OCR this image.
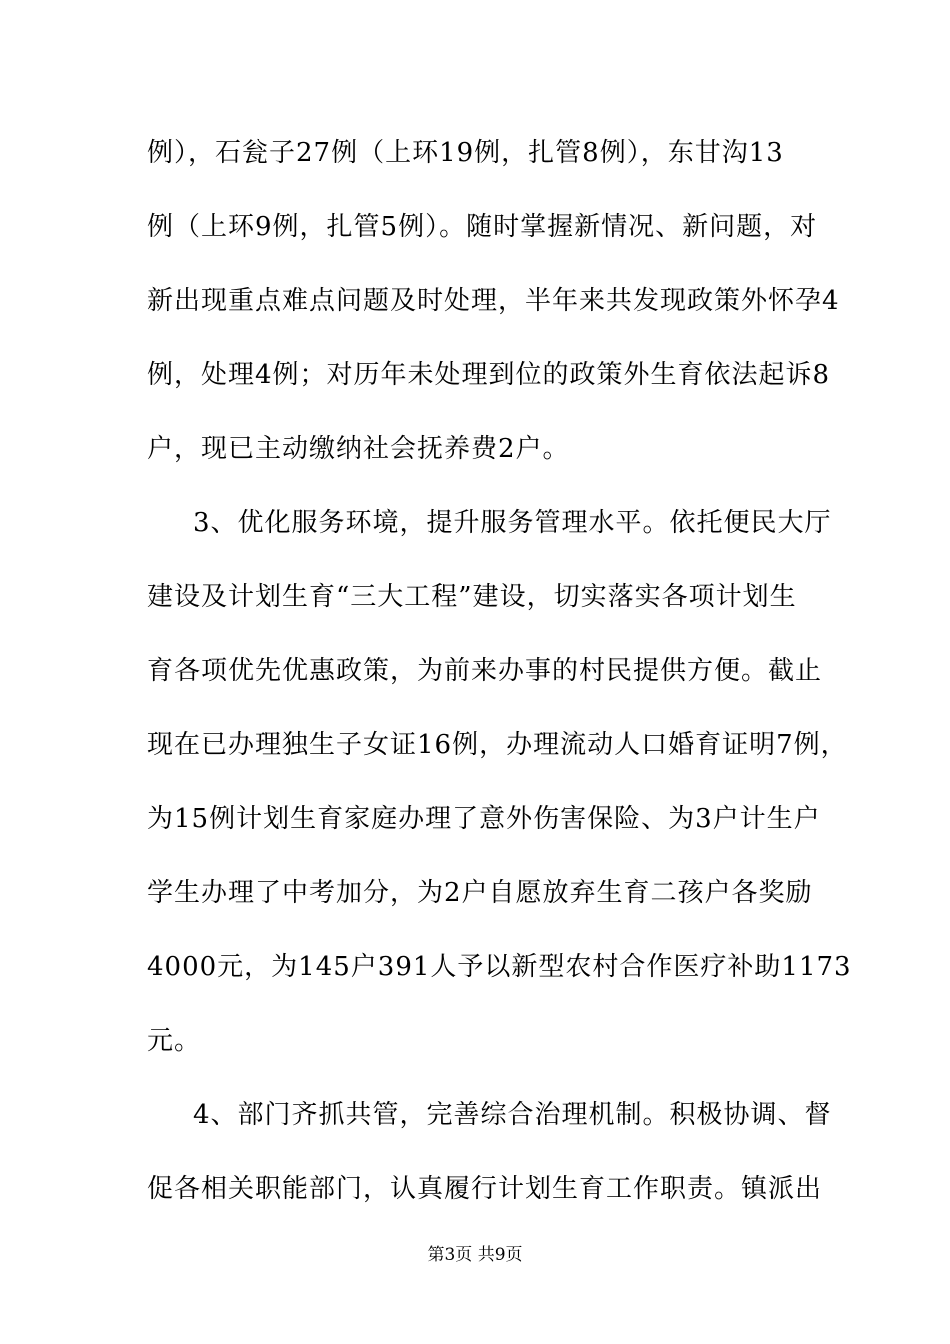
例），石瓮子27例（上环19例，扎管8例），东甘沟13
例（上环9例，扎管5例）。随时掌握新情况、新问题，对
新出现重点难点问题及时处理，半年来共发现政策外怀孕4
例，处理4例；对历年未处理到位的政策外生育依法起诉8
户，现已主动缴纳社会抚养费2户。
3、优化服务环境，提升服务管理水平。依托便民大厅
建设及计划生育“三大工程”建设，切实落实各项计划生
育各项优先优惠政策，为前来办事的村民提供方便。截止
现在已办理独生子女证16例，办理流动人口婚育证明7例，
为15例计划生育家庭办理了意外伤害保险、为3户计生户
学生办理了中考加分，为2户自愿放弃生育二孩户各奖励
4000元，为145户391人予以新型农村合作医疗补助1173
元。
4、部门齐抓共管，完善综合治理机制。积极协调、督
促各相关职能部门，认真履行计划生育工作职责。镇派出
第3页 共9页
